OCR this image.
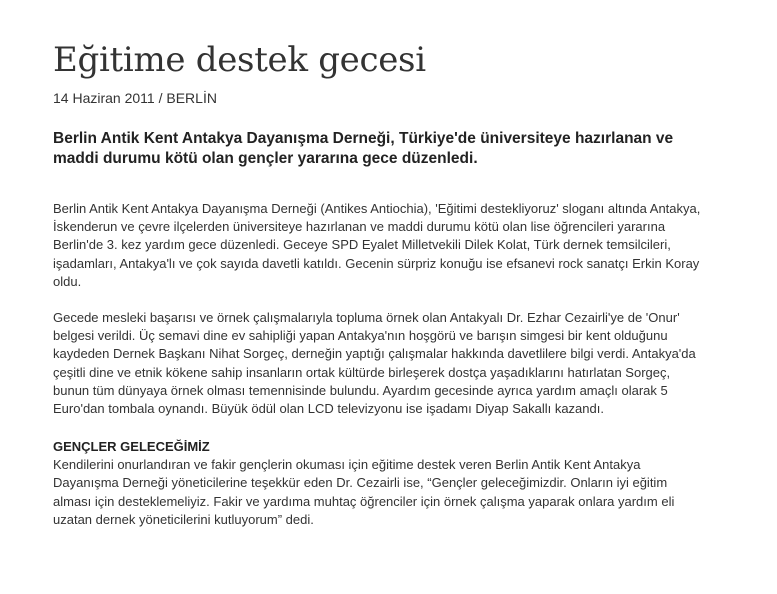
Eğitime destek gecesi
14 Haziran 2011 / BERLİN
Berlin Antik Kent Antakya Dayanışma Derneği, Türkiye'de üniversiteye hazırlanan ve maddi durumu kötü olan gençler yararına gece düzenledi.
Berlin Antik Kent Antakya Dayanışma Derneği (Antikes Antiochia), 'Eğitimi destekliyoruz' sloganı altında Antakya, İskenderun ve çevre ilçelerden üniversiteye hazırlanan ve maddi durumu kötü olan lise öğrencileri yararına Berlin'de 3. kez yardım gece düzenledi. Geceye SPD Eyalet Milletvekili Dilek Kolat, Türk dernek temsilcileri, işadamları, Antakya'lı ve çok sayıda davetli katıldı. Gecenin sürpriz konuğu ise efsanevi rock sanatçı Erkin Koray oldu.
Gecede mesleki başarısı ve örnek çalışmalarıyla topluma örnek olan Antakyalı Dr. Ezhar Cezairli'ye de 'Onur' belgesi verildi. Üç semavi dine ev sahipliği yapan Antakya'nın hoşgörü ve barışın simgesi bir kent olduğunu kaydeden Dernek Başkanı Nihat Sorgeç, derneğin yaptığı çalışmalar hakkında davetlilere bilgi verdi. Antakya'da çeşitli dine ve etnik kökene sahip insanların ortak kültürde birleşerek dostça yaşadıklarını hatırlatan Sorgeç, bunun tüm dünyaya örnek olması temennisinde bulundu. Ayardım gecesinde ayrıca yardım amaçlı olarak 5 Euro'dan tombala oynandı. Büyük ödül olan LCD televizyonu ise işadamı Diyap Sakallı kazandı.
GENÇLER GELECEĞİMİZ
Kendilerini onurlandıran ve fakir gençlerin okuması için eğitime destek veren Berlin Antik Kent Antakya Dayanışma Derneği yöneticilerine teşekkür eden Dr. Cezairli ise, “Gençler geleceğimizdir. Onların iyi eğitim alması için desteklemeliyiz. Fakir ve yardıma muhtaç öğrenciler için örnek çalışma yaparak onlara yardım eli uzatan dernek yöneticilerini kutluyorum” dedi.
